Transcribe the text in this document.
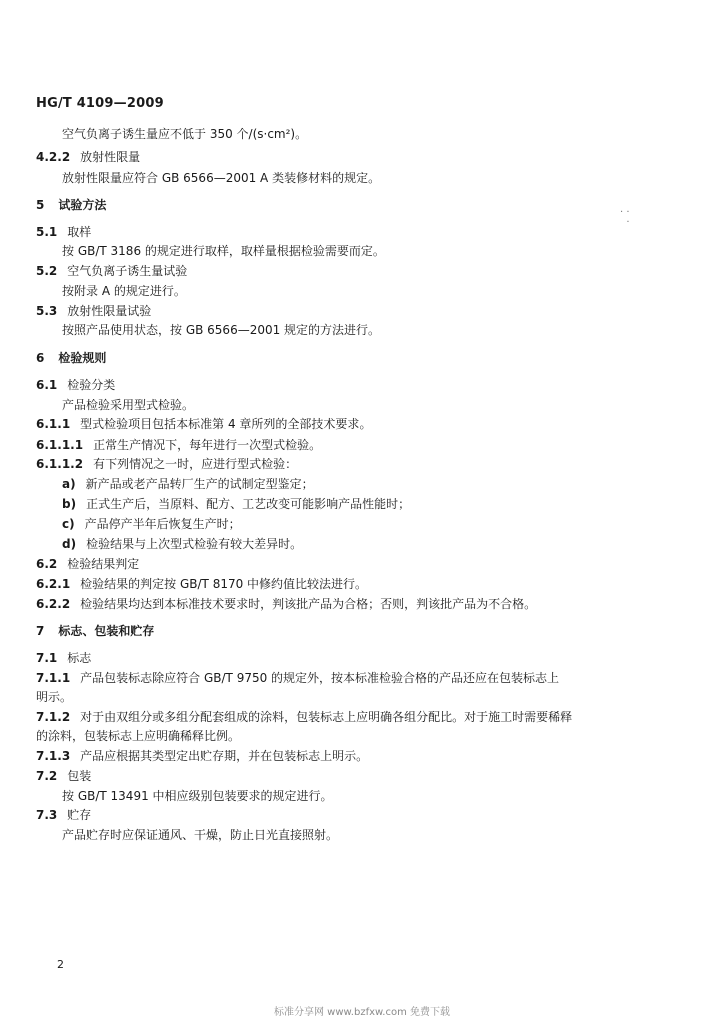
HG/T 4109—2009
空气负离子诱生量应不低于 350 个/(s·cm²)。
4.2.2 放射性限量
放射性限量应符合 GB 6566—2001 A 类装修材料的规定。
5 试验方法
5.1 取样
按 GB/T 3186 的规定进行取样，取样量根据检验需要而定。
5.2 空气负离子诱生量试验
按附录 A 的规定进行。
5.3 放射性限量试验
按照产品使用状态，按 GB 6566—2001 规定的方法进行。
6 检验规则
6.1 检验分类
产品检验采用型式检验。
6.1.1 型式检验项目包括本标准第 4 章所列的全部技术要求。
6.1.1.1 正常生产情况下，每年进行一次型式检验。
6.1.1.2 有下列情况之一时，应进行型式检验：
a) 新产品或老产品转厂生产的试制定型鉴定；
b) 正式生产后，当原料、配方、工艺改变可能影响产品性能时；
c) 产品停产半年后恢复生产时；
d) 检验结果与上次型式检验有较大差异时。
6.2 检验结果判定
6.2.1 检验结果的判定按 GB/T 8170 中修约值比较法进行。
6.2.2 检验结果均达到本标准技术要求时，判该批产品为合格；否则，判该批产品为不合格。
7 标志、包装和贮存
7.1 标志
7.1.1 产品包装标志除应符合 GB/T 9750 的规定外，按本标准检验合格的产品还应在包装标志上
明示。
7.1.2 对于由双组分或多组分配套组成的涂料，包装标志上应明确各组分配比。对于施工时需要稀释
的涂料，包装标志上应明确稀释比例。
7.1.3 产品应根据其类型定出贮存期，并在包装标志上明示。
7.2 包装
按 GB/T 13491 中相应级别包装要求的规定进行。
7.3 贮存
产品贮存时应保证通风、干燥，防止日光直接照射。
· ·
·
2
标准分享网 www.bzfxw.com 免费下载
